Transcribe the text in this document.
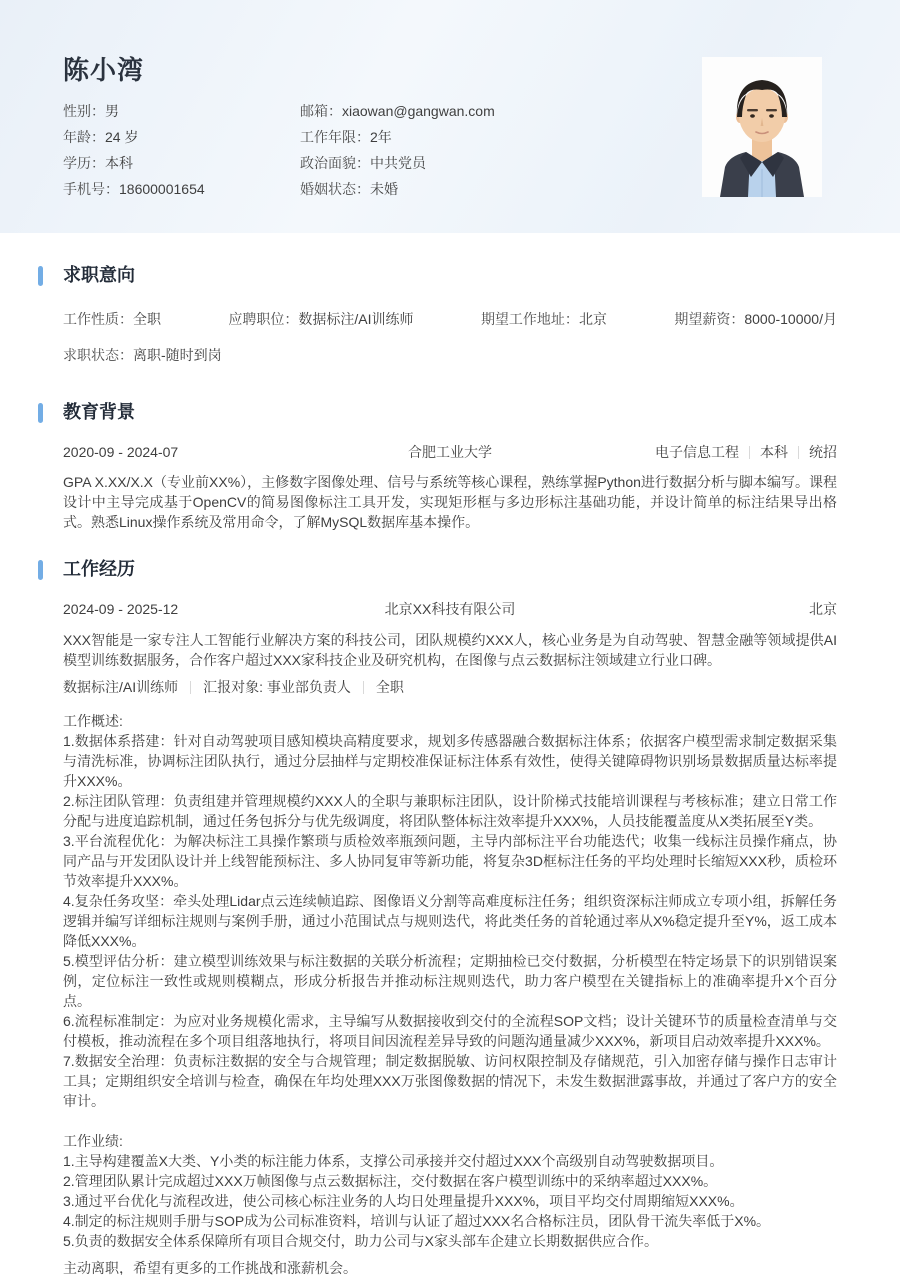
陈小湾
性别：男
年龄：24 岁
学历：本科
手机号：18600001654
邮箱：xiaowan@gangwan.com
工作年限：2年
政治面貌：中共党员
婚姻状态：未婚
求职意向
工作性质：全职	应聘职位：数据标注/AI训练师	期望工作地址：北京	期望薪资：8000-10000/月
求职状态：离职-随时到岗
教育背景
2020-09 - 2024-07	合肥工业大学	电子信息工程 本科 统招
GPA X.XX/X.X（专业前XX%），主修数字图像处理、信号与系统等核心课程，熟练掌握Python进行数据分析与脚本编写。课程设计中主导完成基于OpenCV的简易图像标注工具开发，实现矩形框与多边形标注基础功能，并设计简单的标注结果导出格式。熟悉Linux操作系统及常用命令，了解MySQL数据库基本操作。
工作经历
2024-09 - 2025-12	北京XX科技有限公司	北京
XXX智能是一家专注人工智能行业解决方案的科技公司，团队规模约XXX人，核心业务是为自动驾驶、智慧金融等领域提供AI模型训练数据服务，合作客户超过XXX家科技企业及研究机构，在图像与点云数据标注领域建立行业口碑。
数据标注/AI训练师 汇报对象: 事业部负责人 全职
工作概述:
1.数据体系搭建：针对自动驾驶项目感知模块高精度要求，规划多传感器融合数据标注体系；依据客户模型需求制定数据采集与清洗标准，协调标注团队执行，通过分层抽样与定期校准保证标注体系有效性，使得关键障碍物识别场景数据质量达标率提升XXX%。
2.标注团队管理：负责组建并管理规模约XXX人的全职与兼职标注团队，设计阶梯式技能培训课程与考核标准；建立日常工作分配与进度追踪机制，通过任务包拆分与优先级调度，将团队整体标注效率提升XXX%，人员技能覆盖度从X类拓展至Y类。
3.平台流程优化：为解决标注工具操作繁琐与质检效率瓶颈问题，主导内部标注平台功能迭代；收集一线标注员操作痛点，协同产品与开发团队设计并上线智能预标注、多人协同复审等新功能，将复杂3D框标注任务的平均处理时长缩短XXX秒，质检环节效率提升XXX%。
4.复杂任务攻坚：牵头处理Lidar点云连续帧追踪、图像语义分割等高难度标注任务；组织资深标注师成立专项小组，拆解任务逻辑并编写详细标注规则与案例手册，通过小范围试点与规则迭代，将此类任务的首轮通过率从X%稳定提升至Y%，返工成本降低XXX%。
5.模型评估分析：建立模型训练效果与标注数据的关联分析流程；定期抽检已交付数据，分析模型在特定场景下的识别错误案例，定位标注一致性或规则模糊点，形成分析报告并推动标注规则迭代，助力客户模型在关键指标上的准确率提升X个百分点。
6.流程标准制定：为应对业务规模化需求，主导编写从数据接收到交付的全流程SOP文档；设计关键环节的质量检查清单与交付模板，推动流程在多个项目组落地执行，将项目间因流程差异导致的问题沟通量减少XXX%，新项目启动效率提升XXX%。
7.数据安全治理：负责标注数据的安全与合规管理；制定数据脱敏、访问权限控制及存储规范，引入加密存储与操作日志审计工具；定期组织安全培训与检查，确保在年均处理XXX万张图像数据的情况下，未发生数据泄露事故，并通过了客户方的安全审计。
工作业绩:
1.主导构建覆盖X大类、Y小类的标注能力体系，支撑公司承接并交付超过XXX个高级别自动驾驶数据项目。
2.管理团队累计完成超过XXX万帧图像与点云数据标注，交付数据在客户模型训练中的采纳率超过XXX%。
3.通过平台优化与流程改进，使公司核心标注业务的人均日处理量提升XXX%，项目平均交付周期缩短XXX%。
4.制定的标注规则手册与SOP成为公司标准资料，培训与认证了超过XXX名合格标注员，团队骨干流失率低于X%。
5.负责的数据安全体系保障所有项目合规交付，助力公司与X家头部车企建立长期数据供应合作。
主动离职，希望有更多的工作挑战和涨薪机会。
